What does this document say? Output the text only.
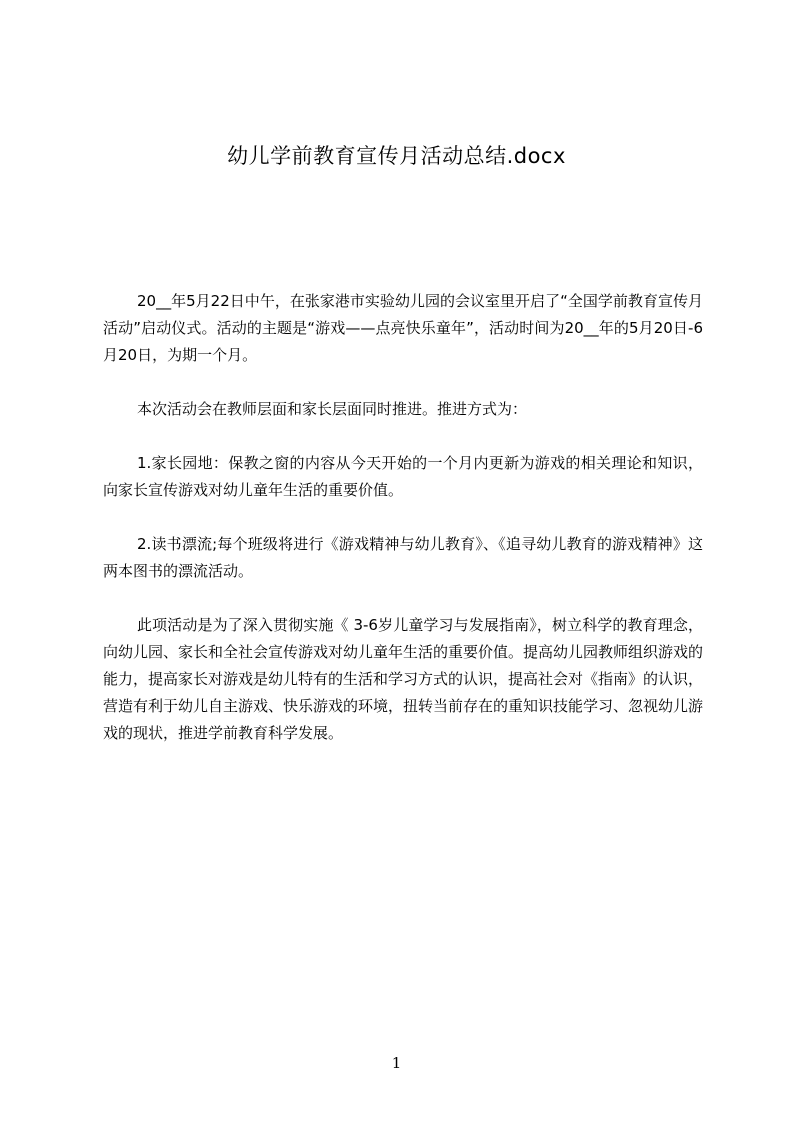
幼儿学前教育宣传月活动总结.docx

20__年5月22日中午，在张家港市实验幼儿园的会议室里开启了“全国学前教育宣传月活动”启动仪式。活动的主题是“游戏——点亮快乐童年”，活动时间为20__年的5月20日-6月20日，为期一个月。

本次活动会在教师层面和家长层面同时推进。推进方式为：

1.家长园地：保教之窗的内容从今天开始的一个月内更新为游戏的相关理论和知识，向家长宣传游戏对幼儿童年生活的重要价值。

2.读书漂流;每个班级将进行《游戏精神与幼儿教育》、《追寻幼儿教育的游戏精神》这两本图书的漂流活动。

此项活动是为了深入贯彻实施《 3-6岁儿童学习与发展指南》，树立科学的教育理念，向幼儿园、家长和全社会宣传游戏对幼儿童年生活的重要价值。提高幼儿园教师组织游戏的能力，提高家长对游戏是幼儿特有的生活和学习方式的认识，提高社会对《指南》的认识，营造有利于幼儿自主游戏、快乐游戏的环境，扭转当前存在的重知识技能学习、忽视幼儿游戏的现状，推进学前教育科学发展。

1
